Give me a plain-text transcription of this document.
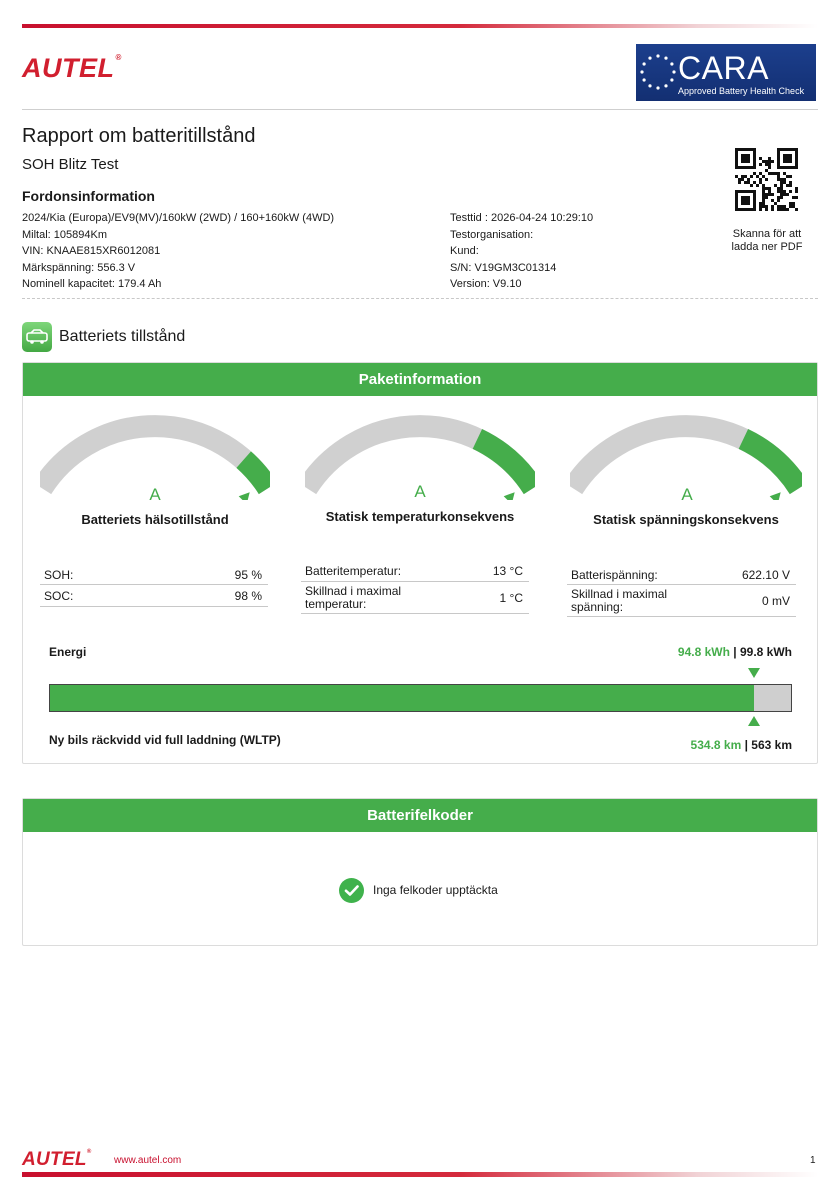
AUTEL®	CARA
Approved Battery Health Check
Rapport om batteritillstånd
SOH Blitz Test
Fordonsinformation
2024/Kia (Europa)/EV9(MV)/160kW (2WD) / 160+160kW (4WD)
Miltal: 105894Km
VIN: KNAAE815XR6012081
Märkspänning: 556.3 V
Nominell kapacitet: 179.4 Ah
Testtid : 2026-04-24 10:29:10
Testorganisation:
Kund:
S/N: V19GM3C01314
Version: V9.10
Skanna för att
ladda ner PDF
Batteriets tillstånd
Paketinformation
A
Batteriets hälsotillstånd
A
Statisk temperaturkonsekvens
A
Statisk spänningskonsekvens
SOH:	95 %
SOC:	98 %
Batteritemperatur:	13 °C
Skillnad i maximal
temperatur:	1 °C
Batterispänning:	622.10 V
Skillnad i maximal
spänning:	0 mV
Energi	94.8 kWh | 99.8 kWh
Ny bils räckvidd vid full laddning (WLTP)	534.8 km | 563 km
Batterifelkoder
Inga felkoder upptäckta
AUTEL®
www.autel.com	1
